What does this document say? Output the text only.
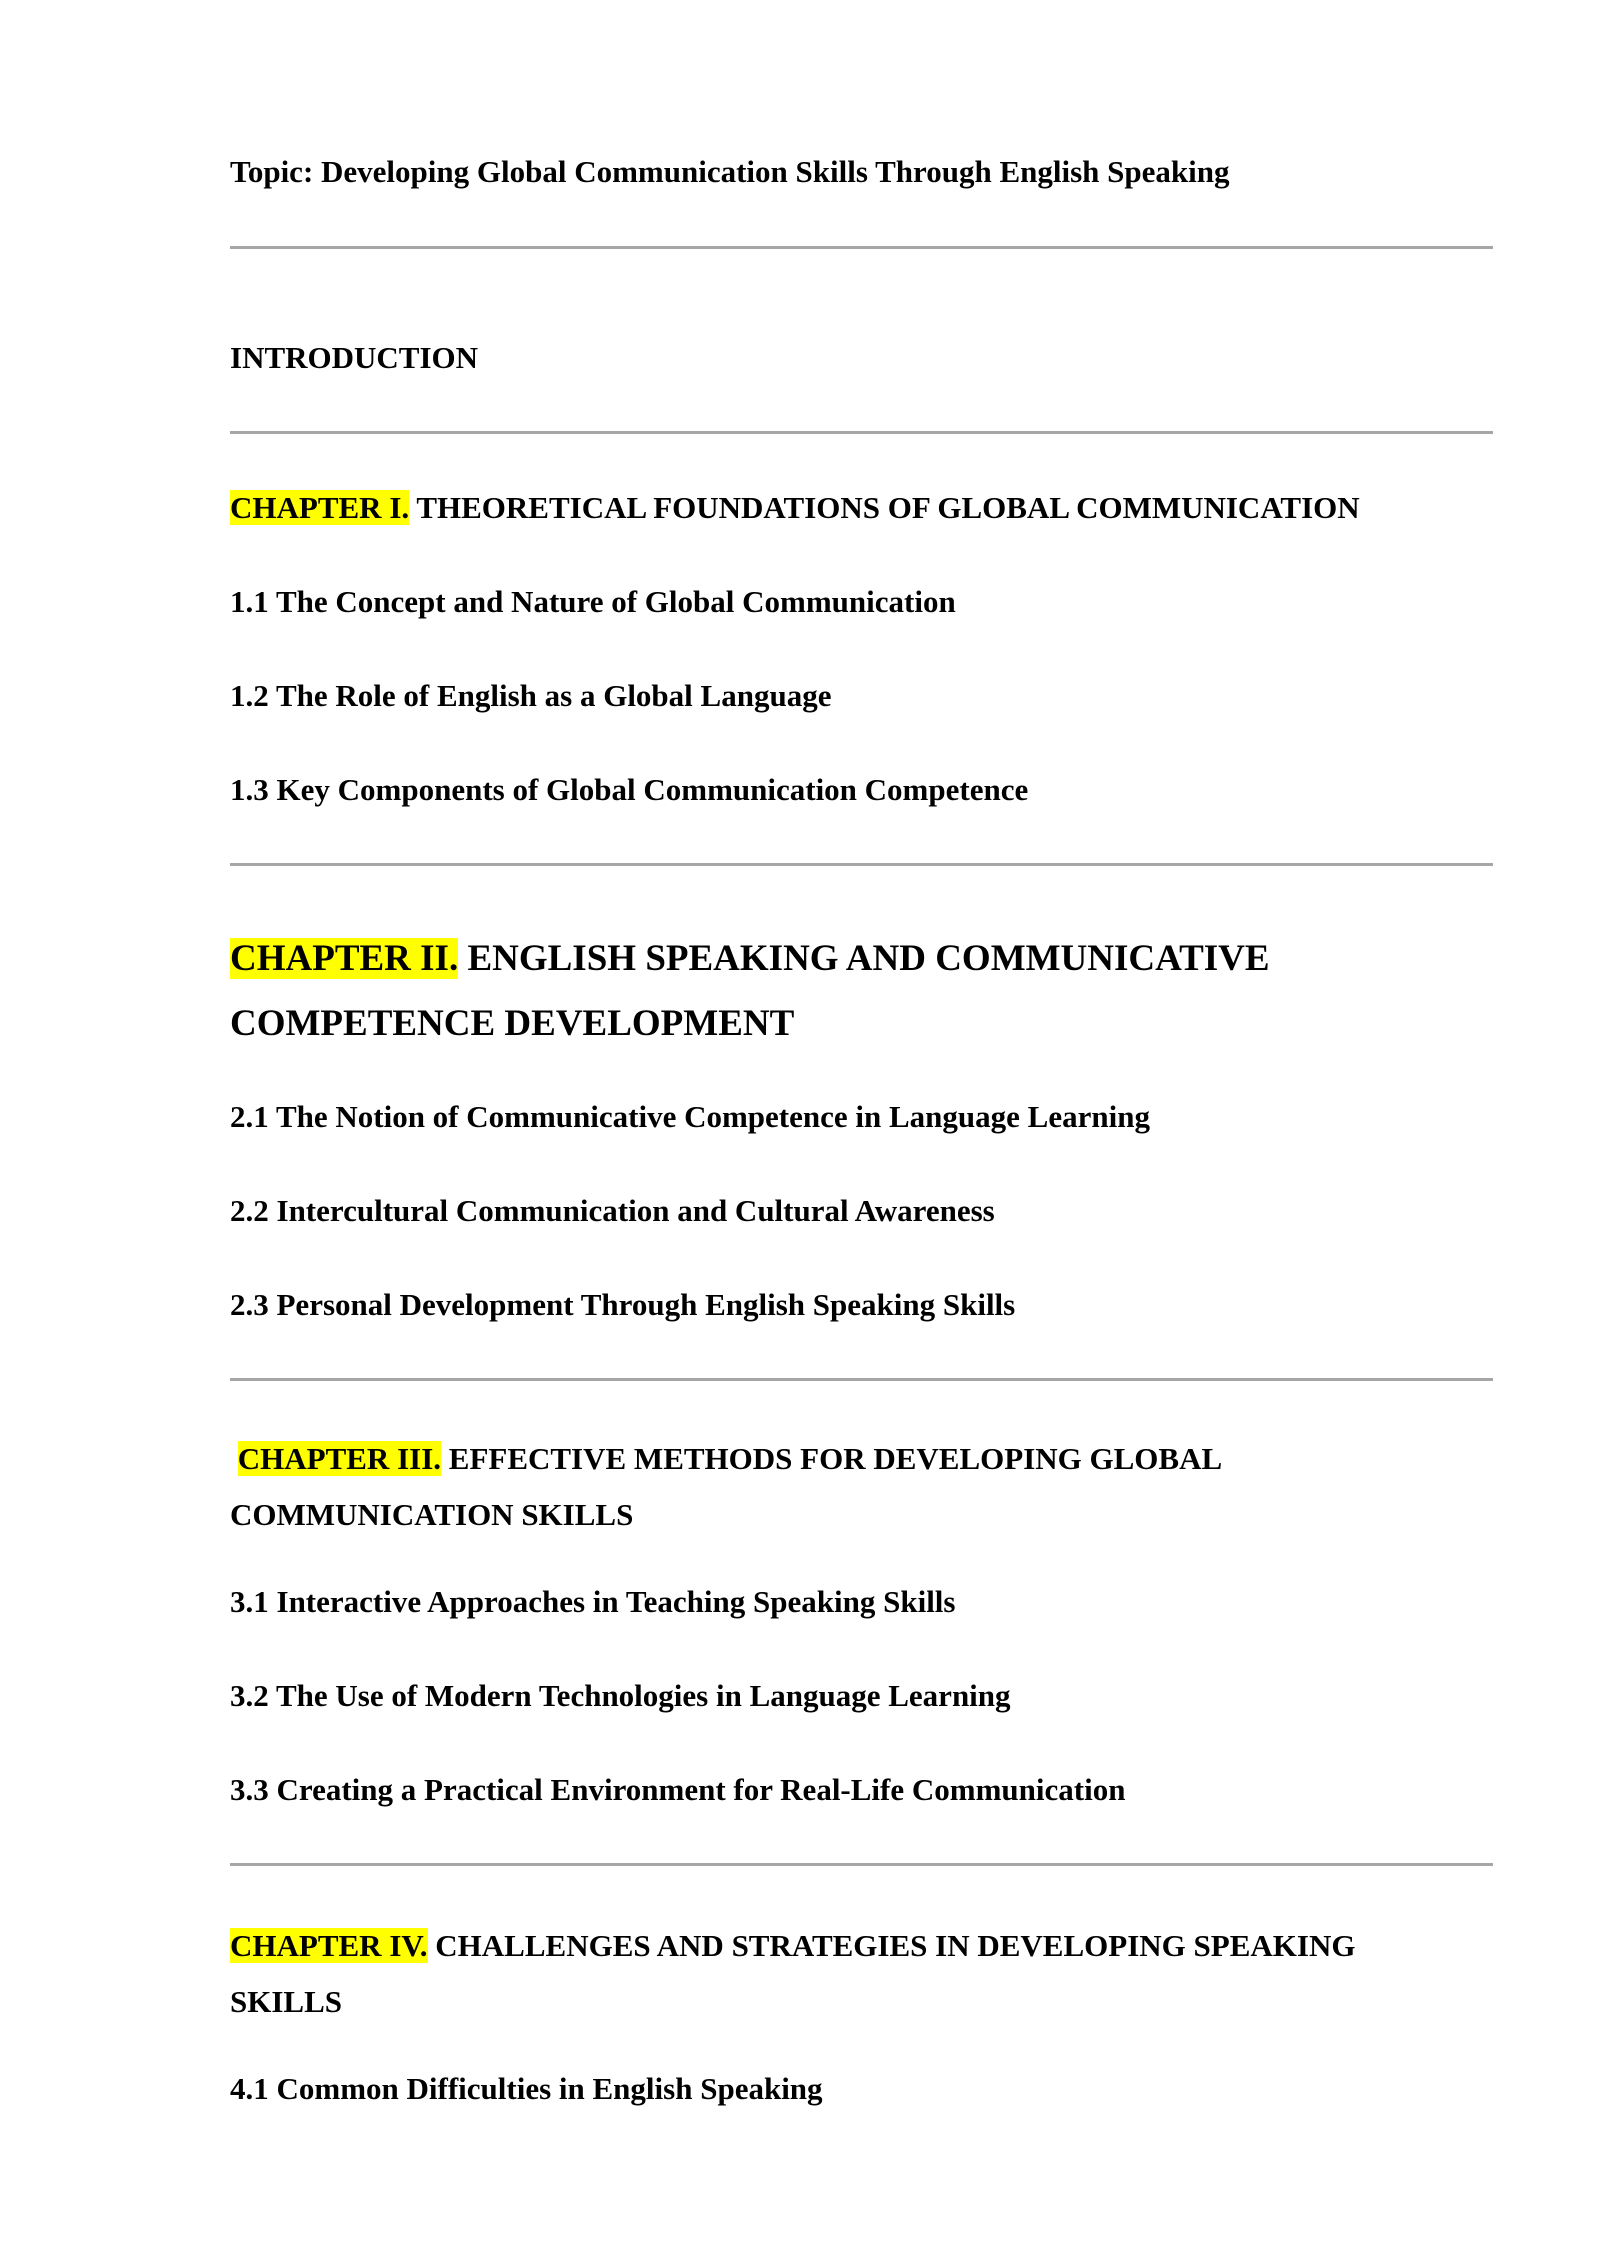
Topic: Developing Global Communication Skills Through English Speaking

INTRODUCTION

CHAPTER I. THEORETICAL FOUNDATIONS OF GLOBAL COMMUNICATION

1.1 The Concept and Nature of Global Communication

1.2 The Role of English as a Global Language

1.3 Key Components of Global Communication Competence

CHAPTER II. ENGLISH SPEAKING AND COMMUNICATIVE
COMPETENCE DEVELOPMENT

2.1 The Notion of Communicative Competence in Language Learning

2.2 Intercultural Communication and Cultural Awareness

2.3 Personal Development Through English Speaking Skills

CHAPTER III. EFFECTIVE METHODS FOR DEVELOPING GLOBAL
COMMUNICATION SKILLS

3.1 Interactive Approaches in Teaching Speaking Skills

3.2 The Use of Modern Technologies in Language Learning

3.3 Creating a Practical Environment for Real-Life Communication

CHAPTER IV. CHALLENGES AND STRATEGIES IN DEVELOPING SPEAKING
SKILLS

4.1 Common Difficulties in English Speaking
